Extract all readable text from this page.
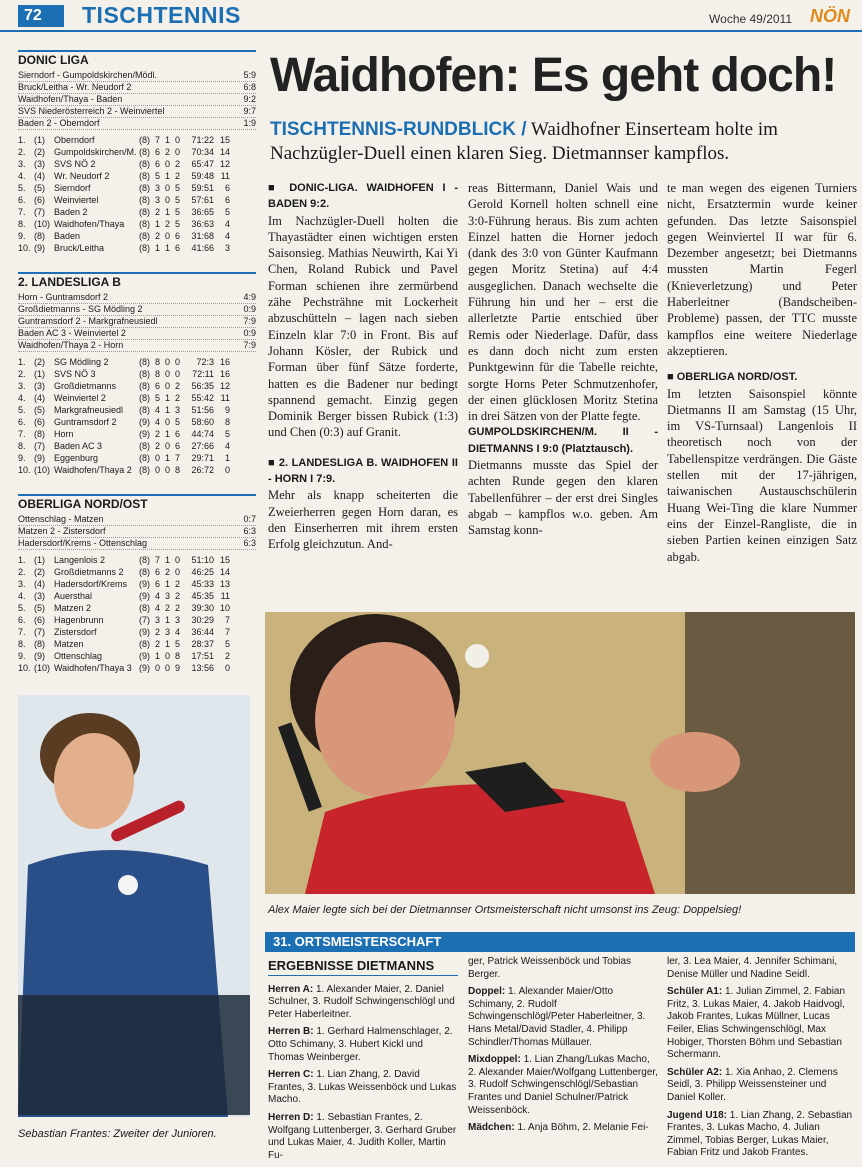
72	TISCHTENNIS	Woche 49/2011 NÖN
DONIC LIGA
Sierndorf - Gumpoldskirchen/Mödl.	5:9
Bruck/Leitha - Wr. Neudorf 2	6:8
Waidhofen/Thaya - Baden	9:2
SVS Niederösterreich 2 - Weinviertel	9:7
Baden 2 - Obemdorf	1:9
1. (1)	Oberndorf	(8) 7 1 0	71:22 15
2. (2)	Gumpoldskirchen/M. (8) 6 2 0	70:34 14
3. (3)	SVS NÖ 2	(8) 6 0 2	65:47 12
4. (4)	Wr. Neudorf 2	(8) 5 1 2	59:48 11
5. (5)	Sierndorf	(8) 3 0 5	59:51	6
6. (6)	Weinviertel	(8) 3 0 5	57:61	6
7. (7)	Baden 2	(8) 2 1 5	36:65	5
8. (10) Waidhofen/Thaya	(8) 1 2 5	36:63	4
9. (8)	Baden	(8) 2 0 6	31:68	4
10. (9)	Bruck/Leitha	(8) 1 1 6	41:66	3
2. LANDESLIGA B
Horn - Guntramsdorf 2	4:9
Großdietmanns - SG Mödling 2	0:9
Guntramsdorf 2 - Markgrafneusiedl	7:9
Baden AC 3 - Weinviertel 2	0:9
Waidhofen/Thaya 2 - Horn	7:9
1. (2)	SG Mödling 2	(8) 8 0 0	72:3 16
2. (1)	SVS NÖ 3	(8) 8 0 0	72:11 16
3. (3)	Großdietmanns	(8) 6 0 2	56:35 12
4. (4)	Weinviertel 2	(8) 5 1 2	55:42 11
5. (5)	Markgrafneusiedl	(8) 4 1 3	51:56	9
6. (6)	Guntramsdorf 2	(9) 4 0 5	58:60	8
7. (8)	Horn	(9) 2 1 6	44:74	5
8. (7)	Baden AC 3	(8) 2 0 6	27:66	4
9. (9)	Eggenburg	(8) 0 1 7	29:71	1
10. (10) Waidhofen/Thaya 2 (8) 0 0 8	26:72	0
OBERLIGA NORD/OST
Ottenschlag - Matzen	0:7
Matzen 2 - Zistersdorf	6:3
Hadersdorf/Krems - Ottenschlag	6:3
1. (1)	Langenlois 2	(8) 7 1 0	51:10 15
2. (2)	Großdietmanns 2	(8) 6 2 0	46:25 14
3. (4)	Hadersdorf/Krems	(9) 6 1 2	45:33 13
4. (3)	Auersthal	(9) 4 3 2	45:35 11
5. (5)	Matzen 2	(8) 4 2 2	39:30 10
6. (6)	Hagenbrunn	(7) 3 1 3	30:29	7
7. (7)	Zistersdorf	(9) 2 3 4	36:44	7
8. (8)	Matzen	(8) 2 1 5	28:37	5
9. (9)	Ottenschlag	(9) 1 0 8	17:51	2
10. (10) Waidhofen/Thaya 3 (9) 0 0 9	13:56	0
Waidhofen: Es geht doch!
TISCHTENNIS-RUNDBLICK / Waidhofner Einserteam holte im Nachzügler-Duell einen klaren Sieg. Dietmannser kampflos.
■ DONIC-LIGA. WAIDHOFEN I - BADEN 9:2.
Im Nachzügler-Duell holten die Thayastädter einen wichtigen ersten Saisonsieg. Mathias Neuwirth, Kai Yi Chen, Roland Rubick und Pavel Forman schienen ihre zermürbend zähe Pechsträhne mit Lockerheit abzuschütteln – lagen nach sieben Einzeln klar 7:0 in Front. Bis auf Johann Kösler, der Rubick und Forman über fünf Sätze forderte, hatten es die Badener nur bedingt spannend gemacht. Einzig gegen Dominik Berger bissen Rubick (1:3) und Chen (0:3) auf Granit.
■ 2. LANDESLIGA B. WAIDHOFEN II - HORN I 7:9.
Mehr als knapp scheiterten die Zweierherren gegen Horn daran, es den Einserherren mit ihrem ersten Erfolg gleichzutun. And-
reas Bittermann, Daniel Wais und Gerold Kornell holten schnell eine 3:0-Führung heraus. Bis zum achten Einzel hatten die Horner jedoch (dank des 3:0 von Günter Kaufmann gegen Moritz Stetina) auf 4:4 ausgeglichen. Danach wechselte die Führung hin und her – erst die allerletzte Partie entschied über Remis oder Niederlage. Dafür, dass es dann doch nicht zum ersten Punktgewinn für die Tabelle reichte, sorgte Horns Peter Schmutzenhofer, der einen glücklosen Moritz Stetina in drei Sätzen von der Platte fegte.
GUMPOLDSKIRCHEN/M. II - DIETMANNS I 9:0 (Platztausch).
Dietmanns musste das Spiel der achten Runde gegen den klaren Tabellenführer – der erst drei Singles abgab – kampflos w.o. geben. Am Samstag konn-
te man wegen des eigenen Turniers nicht, Ersatztermin wurde keiner gefunden. Das letzte Saisonspiel gegen Weinviertel II war für 6. Dezember angesetzt; bei Dietmanns mussten Martin Fegerl (Knieverletzung) und Peter Haberleitner (Bandscheiben-Probleme) passen, der TTC musste kampflos eine weitere Niederlage akzeptieren.
■ OBERLIGA NORD/OST.
Im letzten Saisonspiel könnte Dietmanns II am Samstag (15 Uhr, im VS-Turnsaal) Langenlois II theoretisch noch von der Tabellenspitze verdrängen. Die Gäste stellen mit der 17-jährigen, taiwanischen Austauschschülerin Huang Wei-Ting die klare Nummer eins der Einzel-Rangliste, die in sieben Partien keinen einzigen Satz abgab.
Alex Maier legte sich bei der Dietmannser Ortsmeisterschaft nicht umsonst ins Zeug: Doppelsieg!
Sebastian Frantes: Zweiter der Junioren.
31. ORTSMEISTERSCHAFT
ERGEBNISSE DIETMANNS

Herren A: 1. Alexander Maier, 2. Daniel Schulner, 3. Rudolf Schwingenschlögl und Peter Haberleitner.

Herren B: 1. Gerhard Halmenschlager, 2. Otto Schimany, 3. Hubert Kickl und Thomas Weinberger.

Herren C: 1. Lian Zhang, 2. David Frantes, 3. Lukas Weissenböck und Lukas Macho.

Herren D: 1. Sebastian Frantes, 2. Wolfgang Luttenberger, 3. Gerhard Gruber und Lukas Maier, 4. Judith Koller, Martin Fu-

ger, Patrick Weissenböck und Tobias Berger.

Doppel: 1. Alexander Maier/Otto Schimany, 2. Rudolf Schwingenschlögl/Peter Haberleitner, 3. Hans Metal/David Stadler, 4. Philipp Schindler/Thomas Müllauer.

Mixdoppel: 1. Lian Zhang/Lukas Macho, 2. Alexander Maier/Wolfgang Luttenberger, 3. Rudolf Schwingenschlögl/Sebastian Frantes und Daniel Schulner/Patrick Weissenböck.

Mädchen: 1. Anja Böhm, 2. Melanie Fei-

ler, 3. Lea Maier, 4. Jennifer Schimani, Denise Müller und Nadine Seidl.

Schüler A1: 1. Julian Zimmel, 2. Fabian Fritz, 3. Lukas Maier, 4. Jakob Haidvogl, Jakob Frantes, Lukas Müllner, Lucas Feiler, Elias Schwingenschlögl, Max Hobiger, Thorsten Böhm und Sebastian Schermann.

Schüler A2: 1. Xia Anhao, 2. Clemens Seidl, 3. Philipp Weissensteiner und Daniel Koller.

Jugend U18: 1. Lian Zhang, 2. Sebastian Frantes, 3. Lukas Macho, 4. Julian Zimmel, Tobias Berger, Lukas Maier, Fabian Fritz und Jakob Frantes.
